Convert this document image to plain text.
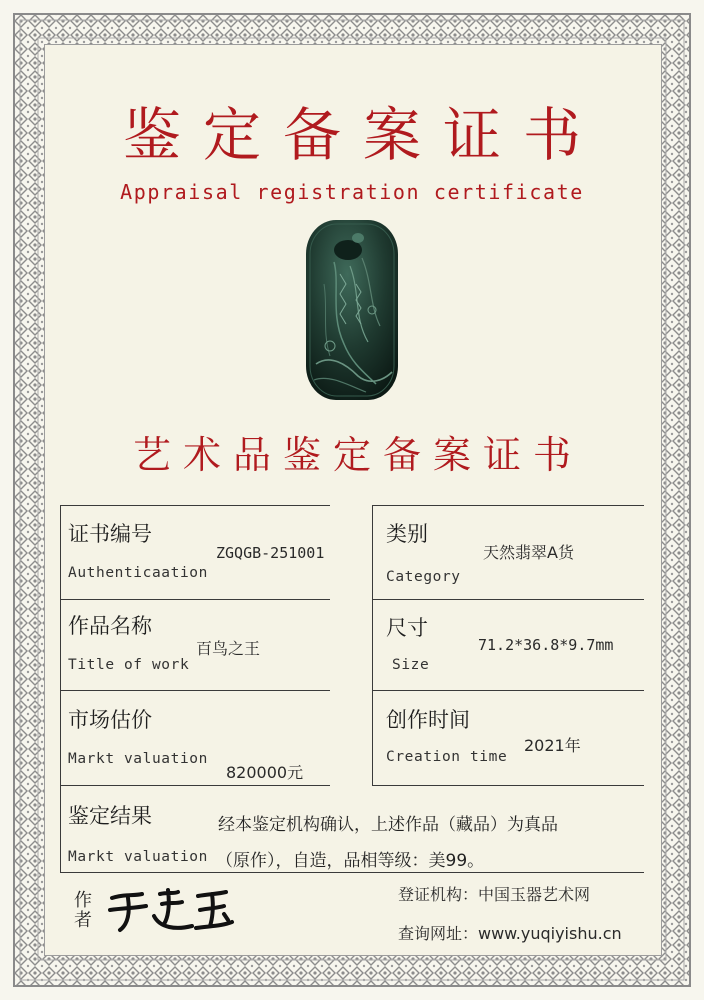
鉴定备案证书
Appraisal registration certificate
艺术品鉴定备案证书
证书编号
ZGQGB-251001
Authenticaation
类别
天然翡翠A货
Category
作品名称
百鸟之王
Title of work
尺寸
71.2*36.8*9.7mm
Size
市场估价
Markt valuation
820000元
创作时间
2021年
Creation time
鉴定结果	经本鉴定机构确认，上述作品（藏品）为真品
Markt valuation （原作），自造，品相等级：美99。
作者
登证机构：中国玉器艺术网
查询网址：www.yuqiyishu.cn
